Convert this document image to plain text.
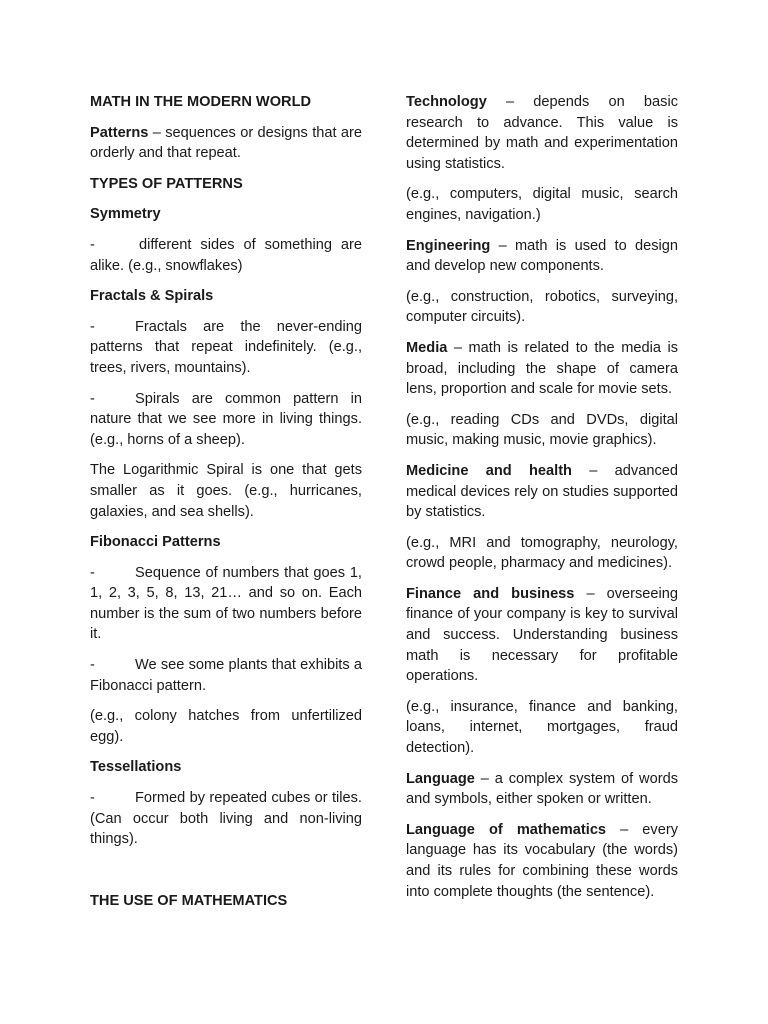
MATH IN THE MODERN WORLD

Patterns – sequences or designs that are orderly and that repeat.

TYPES OF PATTERNS

Symmetry

-	different sides of something are alike. (e.g., snowflakes)

Fractals & Spirals

-	Fractals are the never-ending patterns that repeat indefinitely. (e.g., trees, rivers, mountains).

-	Spirals are common pattern in nature that we see more in living things. (e.g., horns of a sheep).

The Logarithmic Spiral is one that gets smaller as it goes. (e.g., hurricanes, galaxies, and sea shells).

Fibonacci Patterns

-	Sequence of numbers that goes 1, 1, 2, 3, 5, 8, 13, 21… and so on. Each number is the sum of two numbers before it.

-	We see some plants that exhibits a Fibonacci pattern.

(e.g., colony hatches from unfertilized egg).

Tessellations

-	Formed by repeated cubes or tiles. (Can occur both living and non-living things).

THE USE OF MATHEMATICS

Technology – depends on basic research to advance. This value is determined by math and experimentation using statistics.

(e.g., computers, digital music, search engines, navigation.)

Engineering – math is used to design and develop new components.

(e.g., construction, robotics, surveying, computer circuits).

Media – math is related to the media is broad, including the shape of camera lens, proportion and scale for movie sets.

(e.g., reading CDs and DVDs, digital music, making music, movie graphics).

Medicine and health – advanced medical devices rely on studies supported by statistics.

(e.g., MRI and tomography, neurology, crowd people, pharmacy and medicines).

Finance and business – overseeing finance of your company is key to survival and success. Understanding business math is necessary for profitable operations.

(e.g., insurance, finance and banking, loans, internet, mortgages, fraud detection).

Language – a complex system of words and symbols, either spoken or written.

Language of mathematics – every language has its vocabulary (the words) and its rules for combining these words into complete thoughts (the sentence).
